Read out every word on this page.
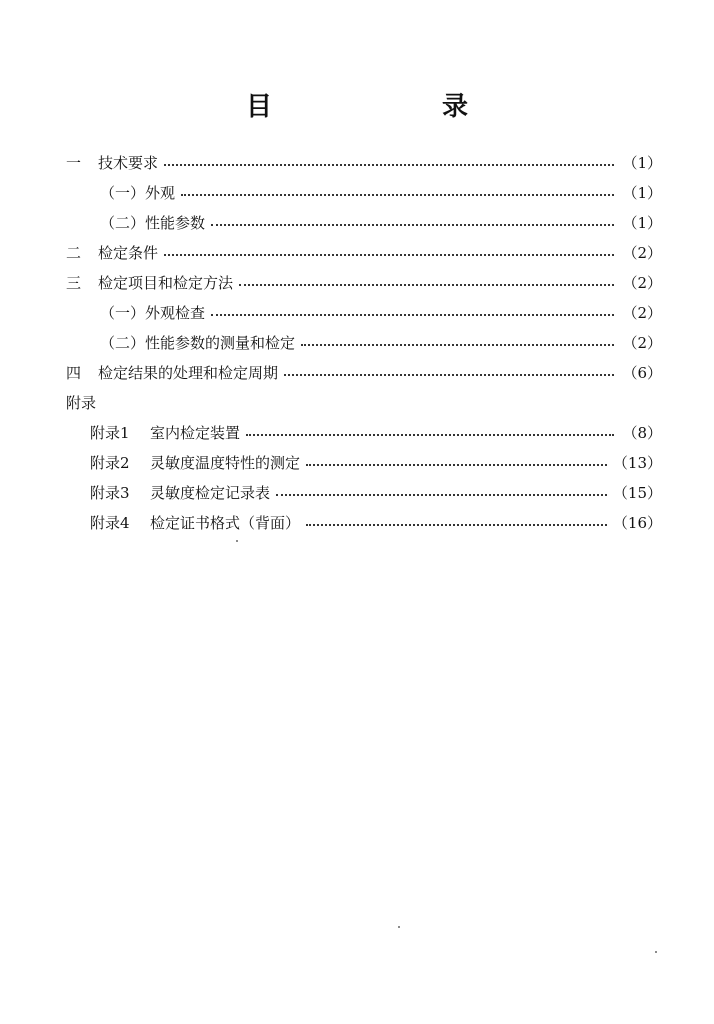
目　录
一	技术要求	（1）
（一）外观	（1）
（二）性能参数	（1）
二	检定条件	（2）
三	检定项目和检定方法	（2）
（一）外观检查	（2）
（二）性能参数的测量和检定	（2）
四	检定结果的处理和检定周期	（6）
附录
附录1	室内检定装置	（8）
附录2	灵敏度温度特性的测定	（13）
附录3	灵敏度检定记录表	（15）
附录4	检定证书格式（背面）	（16）
